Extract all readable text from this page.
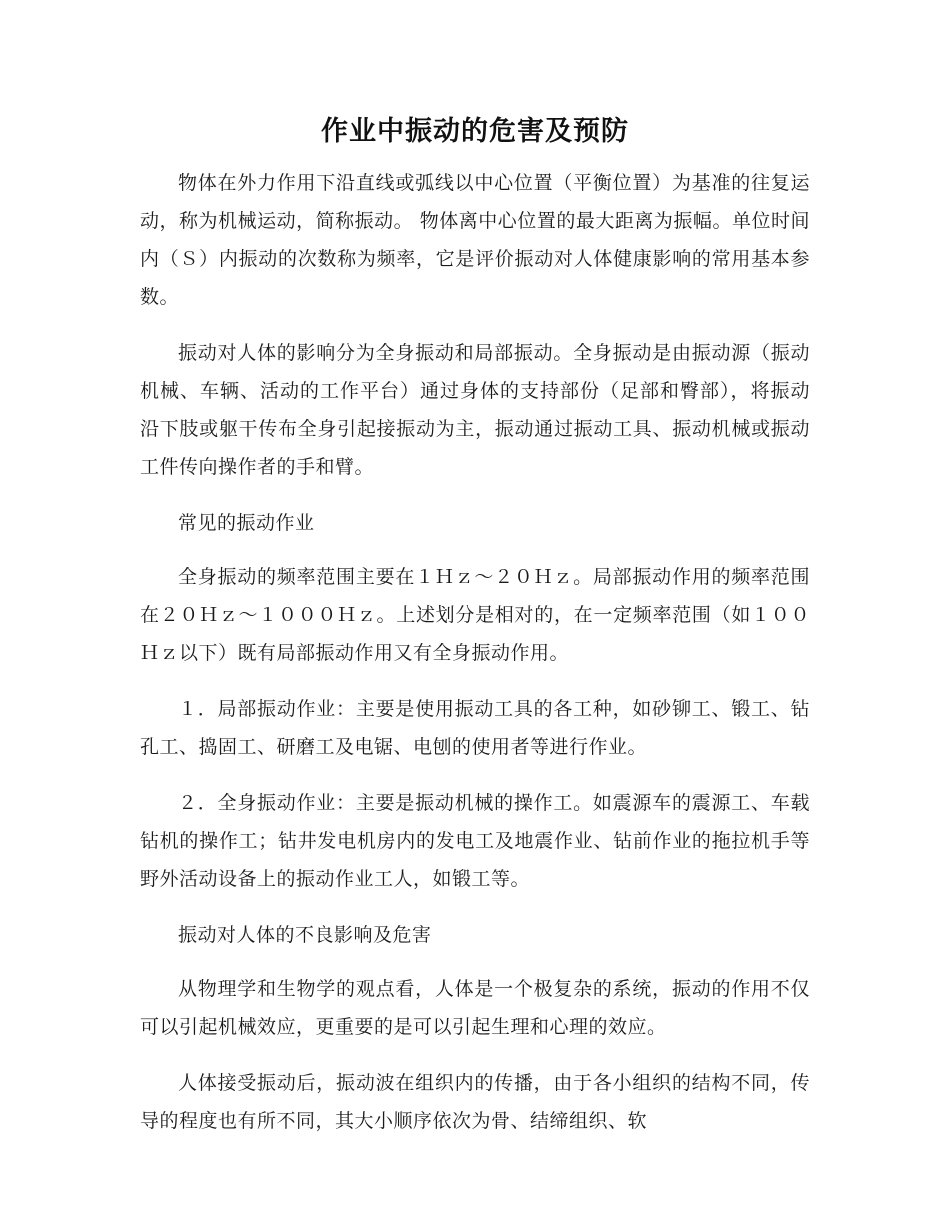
作业中振动的危害及预防

物体在外力作用下沿直线或弧线以中心位置（平衡位置）为基准的往复运动，称为机械运动，简称振动。 物体离中心位置的最大距离为振幅。单位时间内（Ｓ）内振动的次数称为频率，它是评价振动对人体健康影响的常用基本参数。

振动对人体的影响分为全身振动和局部振动。全身振动是由振动源（振动机械、车辆、活动的工作平台）通过身体的支持部份（足部和臀部），将振动沿下肢或躯干传布全身引起接振动为主，振动通过振动工具、振动机械或振动工件传向操作者的手和臂。

常见的振动作业

全身振动的频率范围主要在１Ｈｚ～２０Ｈｚ。局部振动作用的频率范围在２０Ｈｚ～１０００Ｈｚ。上述划分是相对的，在一定频率范围（如１００Ｈｚ以下）既有局部振动作用又有全身振动作用。

１．局部振动作业：主要是使用振动工具的各工种，如砂铆工、锻工、钻孔工、捣固工、研磨工及电锯、电刨的使用者等进行作业。

２．全身振动作业：主要是振动机械的操作工。如震源车的震源工、车载钻机的操作工；钻井发电机房内的发电工及地震作业、钻前作业的拖拉机手等野外活动设备上的振动作业工人，如锻工等。

振动对人体的不良影响及危害

从物理学和生物学的观点看，人体是一个极复杂的系统，振动的作用不仅可以引起机械效应，更重要的是可以引起生理和心理的效应。

人体接受振动后，振动波在组织内的传播，由于各小组织的结构不同，传导的程度也有所不同，其大小顺序依次为骨、结缔组织、软
